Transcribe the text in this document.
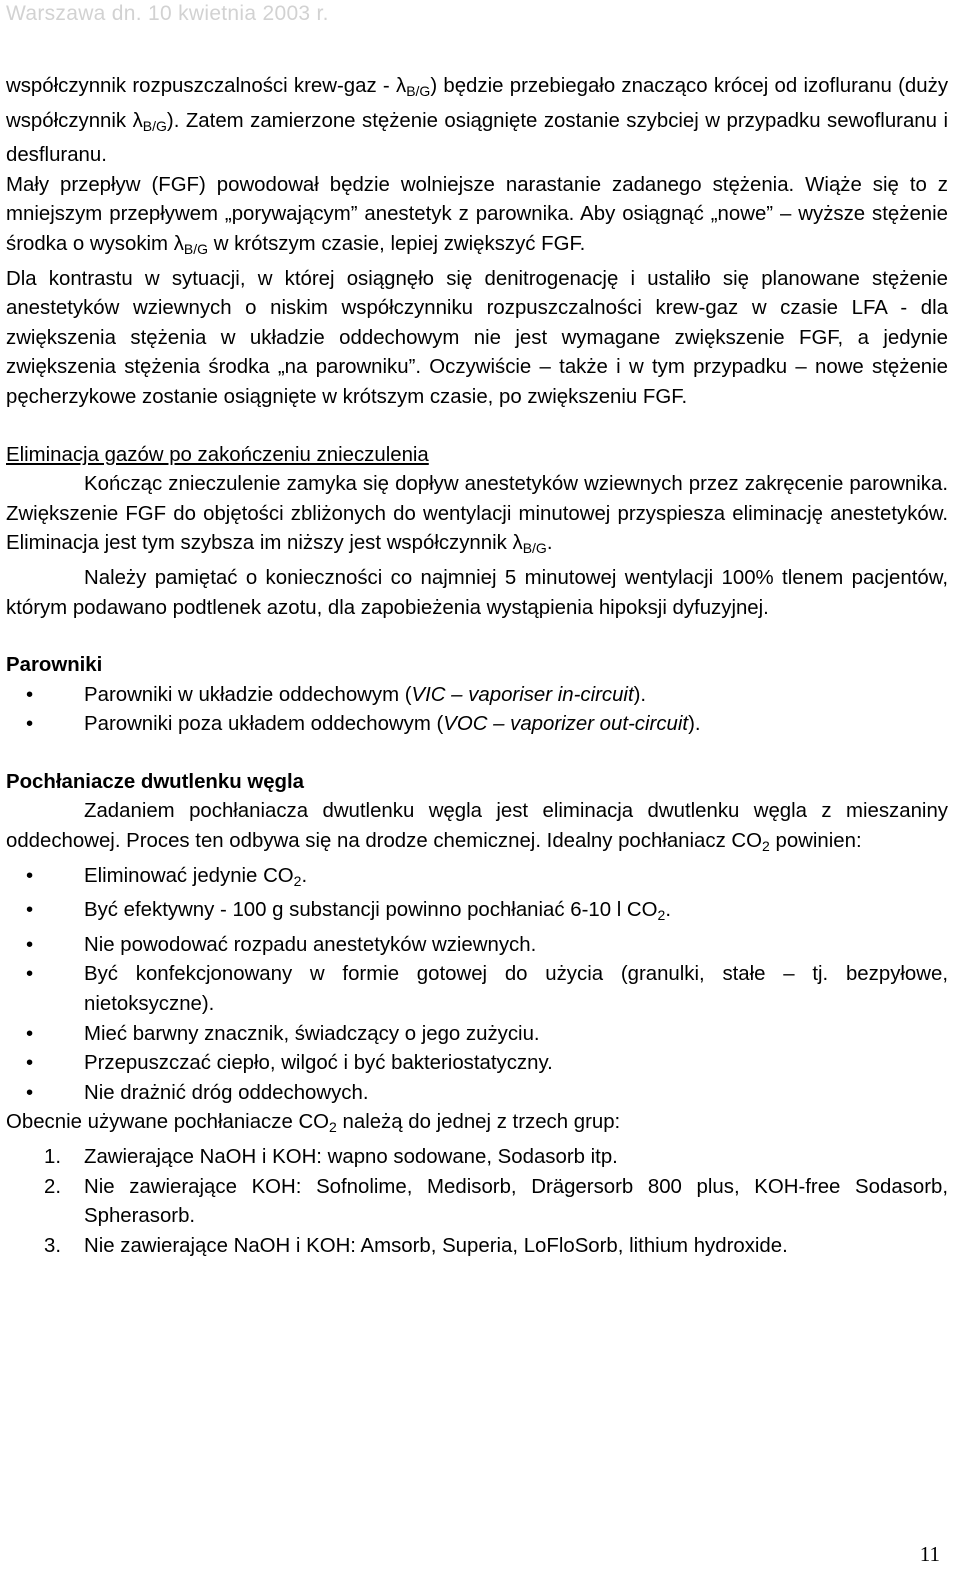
Warszawa dn. 10 kwietnia 2003 r.

współczynnik rozpuszczalności krew-gaz - λB/G) będzie przebiegało znacząco krócej od izofluranu (duży współczynnik λB/G). Zatem zamierzone stężenie osiągnięte zostanie szybciej w przypadku sewofluranu i desfluranu.

Mały przepływ (FGF) powodował będzie wolniejsze narastanie zadanego stężenia. Wiąże się to z mniejszym przepływem „porywającym” anestetyk z parownika. Aby osiągnąć „nowe” – wyższe stężenie środka o wysokim λB/G w krótszym czasie, lepiej zwiększyć FGF.

Dla kontrastu w sytuacji, w której osiągnęło się denitrogenację i ustaliło się planowane stężenie anestetyków wziewnych o niskim współczynniku rozpuszczalności krew-gaz w czasie LFA - dla zwiększenia stężenia w układzie oddechowym nie jest wymagane zwiększenie FGF, a jedynie zwiększenia stężenia środka „na parowniku”. Oczywiście – także i w tym przypadku – nowe stężenie pęcherzykowe zostanie osiągnięte w krótszym czasie, po zwiększeniu FGF.

Eliminacja gazów po zakończeniu znieczulenia

Kończąc znieczulenie zamyka się dopływ anestetyków wziewnych przez zakręcenie parownika. Zwiększenie FGF do objętości zbliżonych do wentylacji minutowej przyspiesza eliminację anestetyków. Eliminacja jest tym szybsza im niższy jest współczynnik λB/G.

Należy pamiętać o konieczności co najmniej 5 minutowej wentylacji 100% tlenem pacjentów, którym podawano podtlenek azotu, dla zapobieżenia wystąpienia hipoksji dyfuzyjnej.

Parowniki

• Parowniki w układzie oddechowym (VIC – vaporiser in-circuit).
• Parowniki poza układem oddechowym (VOC – vaporizer out-circuit).

Pochłaniacze dwutlenku węgla

Zadaniem pochłaniacza dwutlenku węgla jest eliminacja dwutlenku węgla z mieszaniny oddechowej. Proces ten odbywa się na drodze chemicznej. Idealny pochłaniacz CO2 powinien:

• Eliminować jedynie CO2.
• Być efektywny - 100 g substancji powinno pochłaniać 6-10 l CO2.
• Nie powodować rozpadu anestetyków wziewnych.
• Być konfekcjonowany w formie gotowej do użycia (granulki, stałe – tj. bezpyłowe, nietoksyczne).
• Mieć barwny znacznik, świadczący o jego zużyciu.
• Przepuszczać ciepło, wilgoć i być bakteriostatyczny.
• Nie drażnić dróg oddechowych.

Obecnie używane pochłaniacze CO2 należą do jednej z trzech grup:

1. Zawierające NaOH i KOH: wapno sodowane, Sodasorb itp.
2. Nie zawierające KOH: Sofnolime, Medisorb, Drägersorb 800 plus, KOH-free Sodasorb, Spherasorb.
3. Nie zawierające NaOH i KOH: Amsorb, Superia, LoFloSorb, lithium hydroxide.
11
